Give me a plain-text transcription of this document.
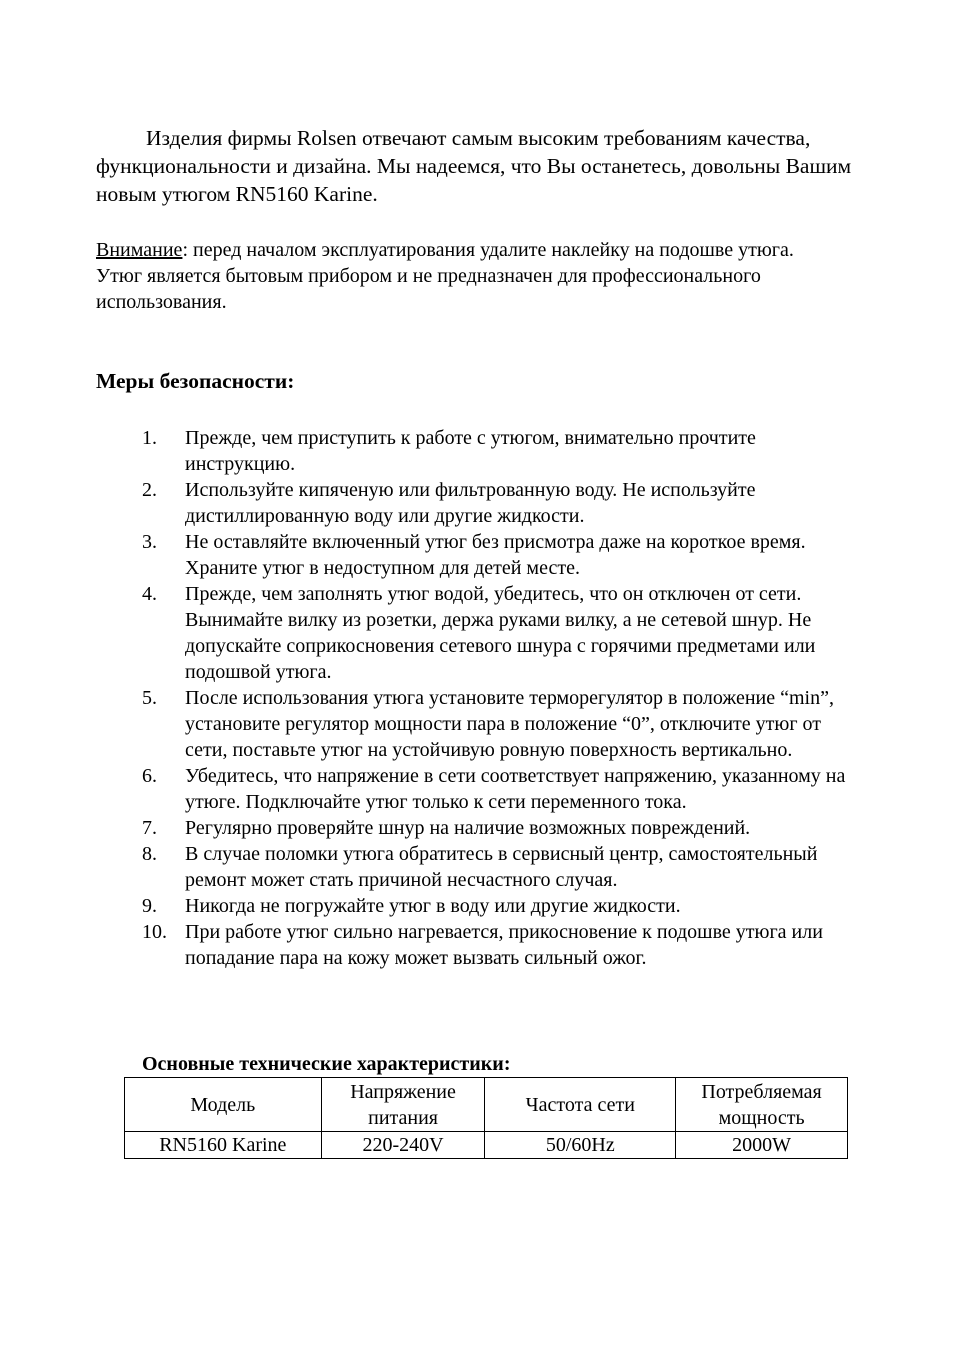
Изделия фирмы Rolsen отвечают самым высоким требованиям качества, функциональности и дизайна. Мы надеемся, что Вы останетесь, довольны Вашим новым утюгом RN5160 Karine.

Внимание: перед началом эксплуатирования удалите наклейку на подошве утюга.
Утюг является бытовым прибором и не предназначен для профессионального использования.
Меры безопасности:
1. Прежде, чем приступить к работе с утюгом, внимательно прочтите инструкцию.
2. Используйте кипяченую или фильтрованную воду. Не используйте дистиллированную воду или другие жидкости.
3. Не оставляйте включенный утюг без присмотра даже на короткое время. Храните утюг в недоступном для детей месте.
4. Прежде, чем заполнять утюг водой, убедитесь, что он отключен от сети. Вынимайте вилку из розетки, держа руками вилку, а не сетевой шнур. Не допускайте соприкосновения сетевого шнура с горячими предметами или подошвой утюга.
5. После использования утюга установите терморегулятор в положение “min”, установите регулятор мощности пара в положение “0”, отключите утюг от сети, поставьте утюг на устойчивую ровную поверхность вертикально.
6. Убедитесь, что напряжение в сети соответствует напряжению, указанному на утюге. Подключайте утюг только к сети переменного тока.
7. Регулярно проверяйте шнур на наличие возможных повреждений.
8. В случае поломки утюга обратитесь в сервисный центр, самостоятельный ремонт может стать причиной несчастного случая.
9. Никогда не погружайте утюг в воду или другие жидкости.
10. При работе утюг сильно нагревается, прикосновение к подошве утюга или попадание пара на кожу может вызвать сильный ожог.
Основные технические характеристики:
Модель	Напряжение питания	Частота сети	Потребляемая мощность
RN5160 Karine	220-240V	50/60Hz	2000W
